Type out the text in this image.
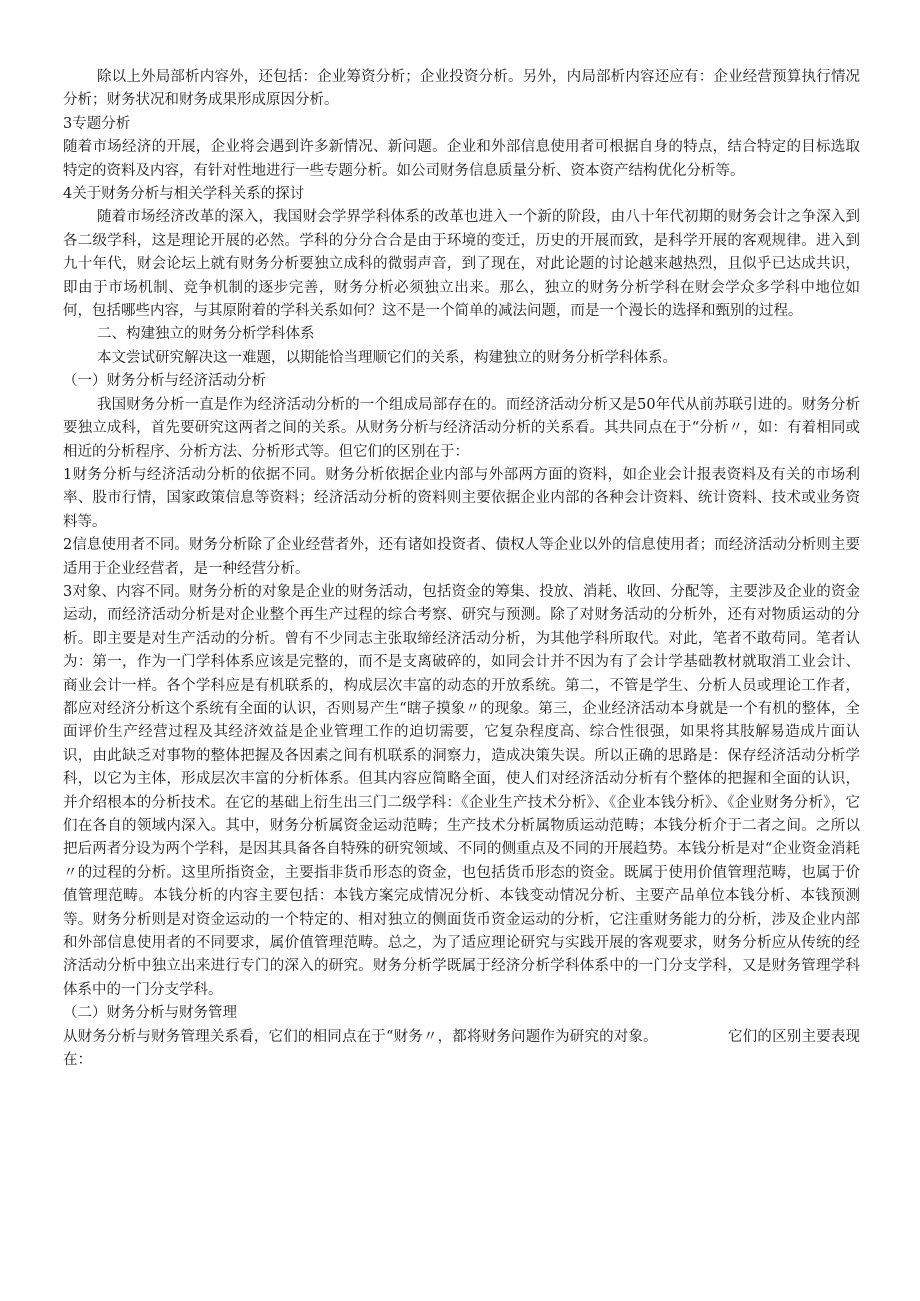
除以上外局部析内容外，还包括：企业筹资分析；企业投资分析。另外，内局部析内容还应有：企业经营预算执行情况分析；财务状况和财务成果形成原因分析。

3专题分析

随着市场经济的开展，企业将会遇到许多新情况、新问题。企业和外部信息使用者可根据自身的特点，结合特定的目标选取特定的资料及内容，有针对性地进行一些专题分析。如公司财务信息质量分析、资本资产结构优化分析等。

4关于财务分析与相关学科关系的探讨

随着市场经济改革的深入，我国财会学界学科体系的改革也进入一个新的阶段，由八十年代初期的财务会计之争深入到各二级学科，这是理论开展的必然。学科的分分合合是由于环境的变迁，历史的开展而致，是科学开展的客观规律。进入到九十年代，财会论坛上就有财务分析要独立成科的微弱声音，到了现在，对此论题的讨论越来越热烈，且似乎已达成共识，即由于市场机制、竞争机制的逐步完善，财务分析必须独立出来。那么，独立的财务分析学科在财会学众多学科中地位如何，包括哪些内容，与其原附着的学科关系如何？这不是一个简单的减法问题，而是一个漫长的选择和甄别的过程。

二、构建独立的财务分析学科体系

本文尝试研究解决这一难题，以期能恰当理顺它们的关系，构建独立的财务分析学科体系。

（一）财务分析与经济活动分析

我国财务分析一直是作为经济活动分析的一个组成局部存在的。而经济活动分析又是50年代从前苏联引进的。财务分析要独立成科，首先要研究这两者之间的关系。从财务分析与经济活动分析的关系看。其共同点在于“分析〃，如：有着相同或相近的分析程序、分析方法、分析形式等。但它们的区别在于：

1财务分析与经济活动分析的依据不同。财务分析依据企业内部与外部两方面的资料，如企业会计报表资料及有关的市场利率、股市行情，国家政策信息等资料；经济活动分析的资料则主要依据企业内部的各种会计资料、统计资料、技术或业务资料等。

2信息使用者不同。财务分析除了企业经营者外，还有诸如投资者、债权人等企业以外的信息使用者；而经济活动分析则主要适用于企业经营者，是一种经营分析。

3对象、内容不同。财务分析的对象是企业的财务活动，包括资金的筹集、投放、消耗、收回、分配等，主要涉及企业的资金运动，而经济活动分析是对企业整个再生产过程的综合考察、研究与预测。除了对财务活动的分析外，还有对物质运动的分析。即主要是对生产活动的分析。曾有不少同志主张取缔经济活动分析，为其他学科所取代。对此，笔者不敢苟同。笔者认为：第一，作为一门学科体系应该是完整的，而不是支离破碎的，如同会计并不因为有了会计学基础教材就取消工业会计、商业会计一样。各个学科应是有机联系的，构成层次丰富的动态的开放系统。第二，不管是学生、分析人员或理论工作者，都应对经济分析这个系统有全面的认识，否则易产生“瞎子摸象〃的现象。第三，企业经济活动本身就是一个有机的整体，全面评价生产经营过程及其经济效益是企业管理工作的迫切需要，它复杂程度高、综合性很强，如果将其肢解易造成片面认识，由此缺乏对事物的整体把握及各因素之间有机联系的洞察力，造成决策失误。所以正确的思路是：保存经济活动分析学科，以它为主体，形成层次丰富的分析体系。但其内容应简略全面，使人们对经济活动分析有个整体的把握和全面的认识，并介绍根本的分析技术。在它的基础上衍生出三门二级学科：《企业生产技术分析》、《企业本钱分析》、《企业财务分析》，它们在各自的领域内深入。其中，财务分析属资金运动范畴；生产技术分析属物质运动范畴；本钱分析介于二者之间。之所以把后两者分设为两个学科，是因其具备各自特殊的研究领域、不同的侧重点及不同的开展趋势。本钱分析是对“企业资金消耗〃的过程的分析。这里所指资金，主要指非货币形态的资金，也包括货币形态的资金。既属于使用价值管理范畴，也属于价值管理范畴。本钱分析的内容主要包括：本钱方案完成情况分析、本钱变动情况分析、主要产品单位本钱分析、本钱预测等。财务分析则是对资金运动的一个特定的、相对独立的侧面货币资金运动的分析，它注重财务能力的分析，涉及企业内部和外部信息使用者的不同要求，属价值管理范畴。总之，为了适应理论研究与实践开展的客观要求，财务分析应从传统的经济活动分析中独立出来进行专门的深入的研究。财务分析学既属于经济分析学科体系中的一门分支学科，又是财务管理学科体系中的一门分支学科。

（二）财务分析与财务管理

从财务分析与财务管理关系看，它们的相同点在于“财务〃，都将财务问题作为研究的对象。	它们的区别主要表现在：
